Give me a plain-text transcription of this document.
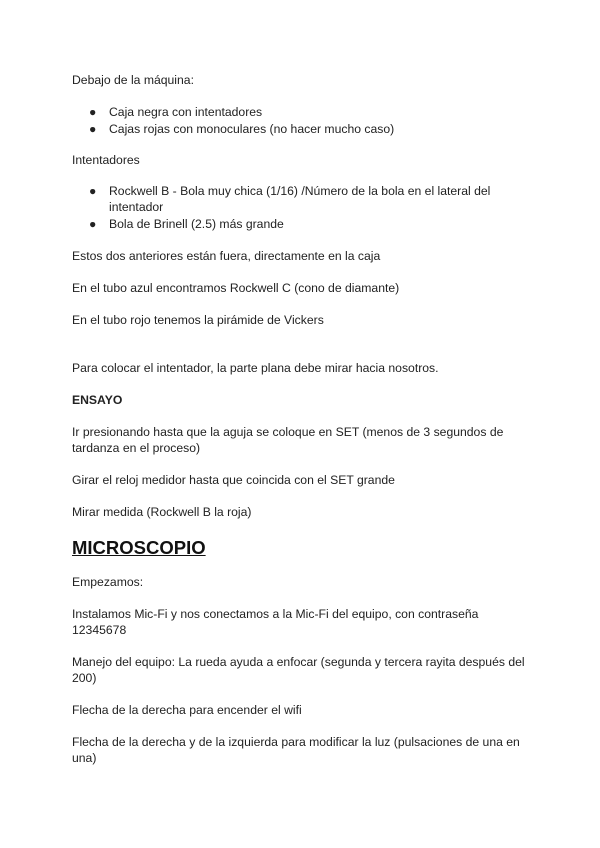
Debajo de la máquina:

● Caja negra con intentadores
● Cajas rojas con monoculares (no hacer mucho caso)

Intentadores

● Rockwell B - Bola muy chica (1/16) /Número de la bola en el lateral del intentador
● Bola de Brinell (2.5) más grande

Estos dos anteriores están fuera, directamente en la caja

En el tubo azul encontramos Rockwell C (cono de diamante)

En el tubo rojo tenemos la pirámide de Vickers

Para colocar el intentador, la parte plana debe mirar hacia nosotros.

ENSAYO

Ir presionando hasta que la aguja se coloque en SET (menos de 3 segundos de tardanza en el proceso)

Girar el reloj medidor hasta que coincida con el SET grande

Mirar medida (Rockwell B la roja)

MICROSCOPIO

Empezamos:

Instalamos Mic-Fi y nos conectamos a la Mic-Fi del equipo, con contraseña 12345678

Manejo del equipo: La rueda ayuda a enfocar (segunda y tercera rayita después del 200)

Flecha de la derecha para encender el wifi

Flecha de la derecha y de la izquierda para modificar la luz (pulsaciones de una en una)
